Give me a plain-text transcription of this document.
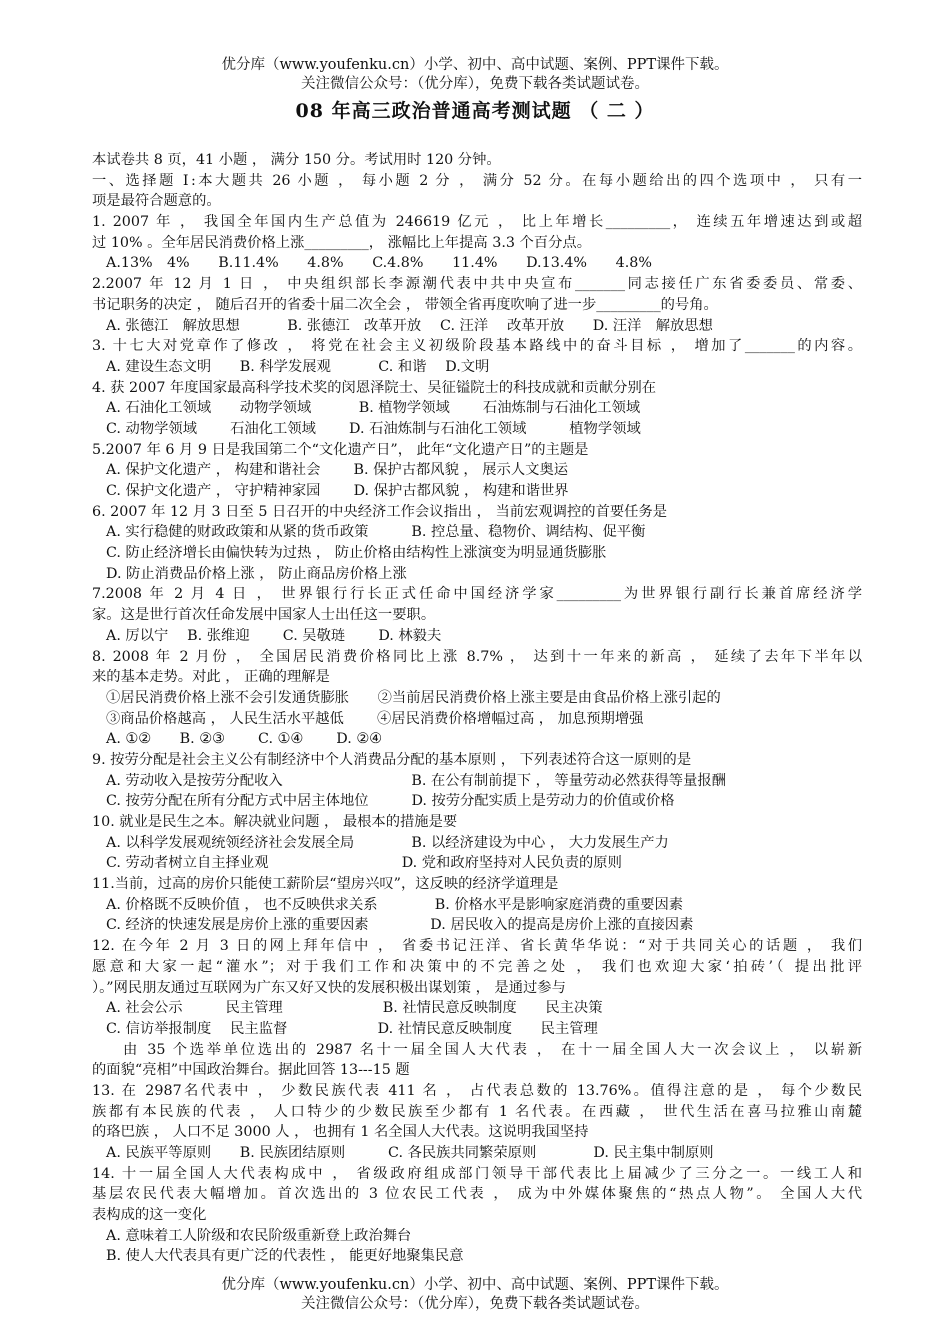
优分库（www.youfenku.cn）小学、初中、高中试题、案例、PPT课件下载。
关注微信公众号：（优分库），免费下载各类试题试卷。
08 年高三政治普通高考测试题 （ 二 ）
本试卷共 8 页，41 小题 ， 满分 150 分。考试用时 120 分钟。
一、选择题 Ⅰ:本大题共 26 小题 ， 每小题 2 分 ， 满分 52 分。在每小题给出的四个选项中 ， 只有一
项是最符合题意的。
1. 2007 年 ， 我国全年国内生产总值为 246619 亿元 ， 比上年增长_________， 连续五年增速达到或超
过 10% 。全年居民消费价格上涨_________， 涨幅比上年提高 3.3 个百分点。
A.13%　4%　　B.11.4%　　4.8%　　C.4.8%　　11.4%　　D.13.4%　　4.8%
2.2007 年 12 月 1 日 ， 中央组织部长李源潮代表中共中央宣布_______同志接任广东省委委员、常委、
书记职务的决定 ， 随后召开的省委十届二次全会 ， 带领全省再度吹响了进一步_________的号角。
A. 张德江　解放思想　　　 B. 张德江　改革开放　 C. 汪洋　 改革开放　　D. 汪洋　解放思想
3. 十七大对党章作了修改 ， 将党在社会主义初级阶段基本路线中的奋斗目标 ， 增加了_______的内容。
A. 建设生态文明　　B. 科学发展观　　　 C. 和谐　 D.文明
4. 获 2007 年度国家最高科学技术奖的闵恩泽院士、吴征镒院士的科技成就和贡献分别在
A. 石油化工领域　　动物学领域　　　 B. 植物学领域　　 石油炼制与石油化工领域
C. 动物学领域　　 石油化工领域　　 D. 石油炼制与石油化工领域　　　植物学领域
5.2007 年 6 月 9 日是我国第二个“文化遗产日”， 此年“文化遗产日”的主题是
A. 保护文化遗产 ， 构建和谐社会　　 B. 保护古都风貌 ， 展示人文奥运
C. 保护文化遗产 ， 守护精神家园　　 D. 保护古都风貌 ， 构建和谐世界
6. 2007 年 12 月 3 日至 5 日召开的中央经济工作会议指出 ， 当前宏观调控的首要任务是
A. 实行稳健的财政政策和从紧的货币政策　　　B. 控总量、稳物价、调结构、促平衡
C. 防止经济增长由偏快转为过热 ， 防止价格由结构性上涨演变为明显通货膨胀
D. 防止消费品价格上涨 ， 防止商品房价格上涨
7.2008 年 2 月 4 日 ， 世界银行行长正式任命中国经济学家_________为世界银行副行长兼首席经济学
家。这是世行首次任命发展中国家人士出任这一要职。
A. 厉以宁　 B. 张维迎　　 C. 吴敬琏　　 D. 林毅夫
8. 2008 年 2 月份 ， 全国居民消费价格同比上涨 8.7% ， 达到十一年来的新高 ， 延续了去年下半年以
来的基本走势。对此 ， 正确的理解是
①居民消费价格上涨不会引发通货膨胀　　②当前居民消费价格上涨主要是由食品价格上涨引起的
③商品价格越高 ， 人民生活水平越低　　 ④居民消费价格增幅过高 ， 加息预期增强
A. ①②　　B. ②③　　 C. ①④　　 D. ②④
9. 按劳分配是社会主义公有制经济中个人消费品分配的基本原则 ， 下列表述符合这一原则的是
A. 劳动收入是按劳分配收入　　　　　　　　　B. 在公有制前提下 ， 等量劳动必然获得等量报酬
C. 按劳分配在所有分配方式中居主体地位　　　D. 按劳分配实质上是劳动力的价值或价格
10. 就业是民生之本。解决就业问题 ， 最根本的措施是要
A. 以科学发展观统领经济社会发展全局　　　　B. 以经济建设为中心 ， 大力发展生产力
C. 劳动者树立自主择业观　　　　　　　　　 D. 党和政府坚持对人民负责的原则
11.当前，过高的房价只能使工薪阶层“望房兴叹”，这反映的经济学道理是
A. 价格既不反映价值 ， 也不反映供求关系　　　　B. 价格水平是影响家庭消费的重要因素
C. 经济的快速发展是房价上涨的重要因素　　　　 D. 居民收入的提高是房价上涨的直接因素
12. 在今年 2 月 3 日的网上拜年信中 ， 省委书记汪洋、省长黄华华说：“对于共同关心的话题 ， 我们
愿意和大家一起“灌水”；对于我们工作和决策中的不完善之处 ， 我们也欢迎大家‘拍砖’（ 提出批评
）。”网民朋友通过互联网为广东又好又快的发展积极出谋划策 ， 是通过参与
A. 社会公示　　　民主管理　　　　　　　B. 社情民意反映制度　　民主决策
C. 信访举报制度　 民主监督　　　　　　 D. 社情民意反映制度　　民主管理
　由 35 个选举单位选出的 2987 名十一届全国人大代表 ， 在十一届全国人大一次会议上 ， 以崭新
的面貌“亮相”中国政治舞台。据此回答 13---15 题
13. 在 2987名代表中 ， 少数民族代表 411 名 ， 占代表总数的 13.76%。值得注意的是 ， 每个少数民
族都有本民族的代表 ， 人口特少的少数民族至少都有 1 名代表。在西藏 ， 世代生活在喜马拉雅山南麓
的珞巴族 ， 人口不足 3000 人 ， 也拥有 1 名全国人大代表。这说明我国坚持
A. 民族平等原则　　B. 民族团结原则　　　C. 各民族共同繁荣原则　　　　D. 民主集中制原则
14. 十一届全国人大代表构成中 ， 省级政府组成部门领导干部代表比上届减少了三分之一。一线工人和
基层农民代表大幅增加。首次选出的 3 位农民工代表 ， 成为中外媒体聚焦的“热点人物”。 全国人大代
表构成的这一变化
A. 意味着工人阶级和农民阶级重新登上政治舞台
B. 使人大代表具有更广泛的代表性 ， 能更好地聚集民意
优分库（www.youfenku.cn）小学、初中、高中试题、案例、PPT课件下载。
关注微信公众号：（优分库），免费下载各类试题试卷。
